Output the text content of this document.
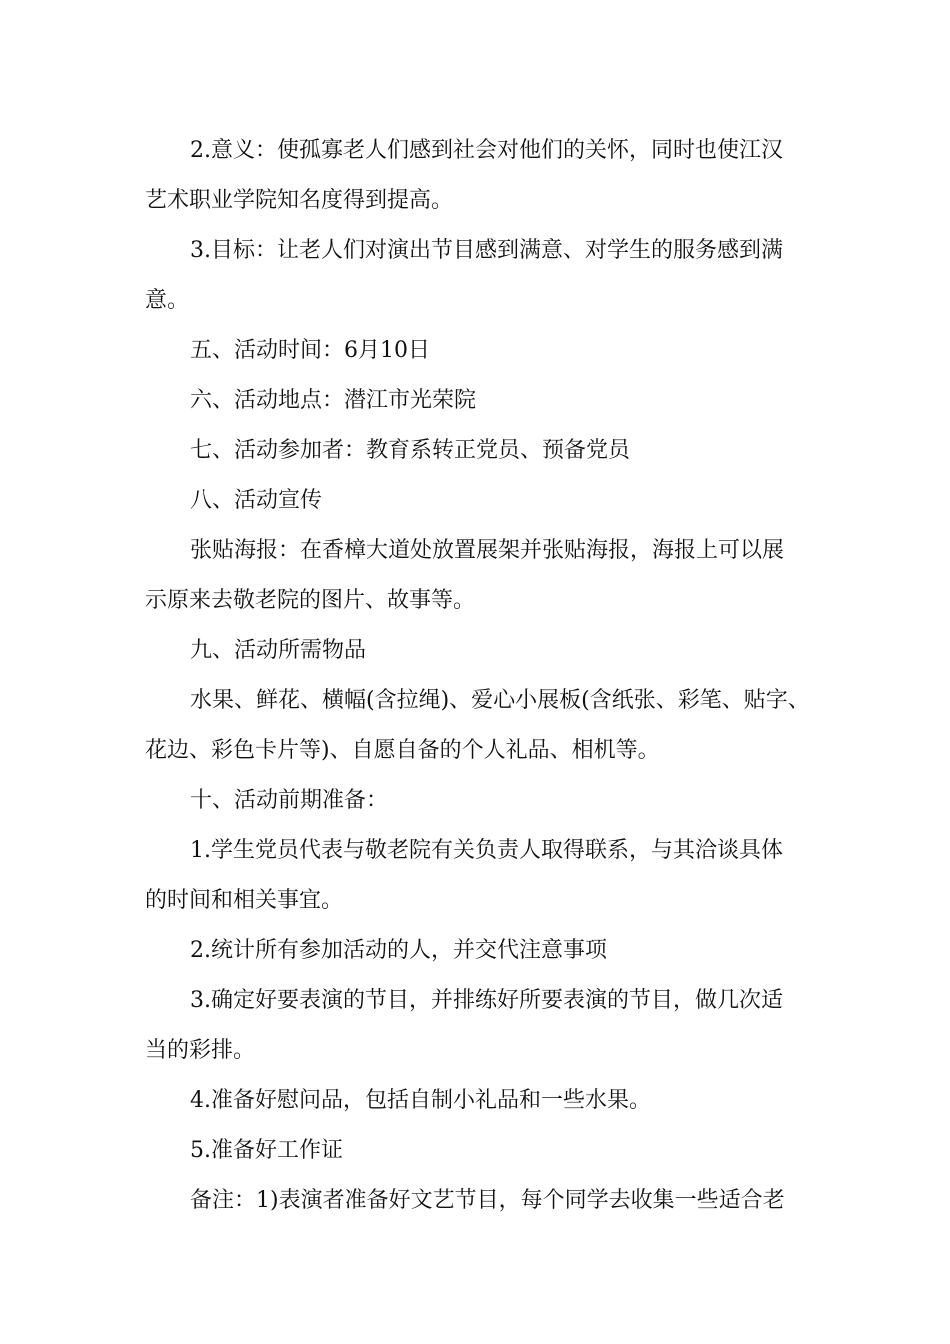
2.意义：使孤寡老人们感到社会对他们的关怀，同时也使江汉
艺术职业学院知名度得到提高。
3.目标：让老人们对演出节目感到满意、对学生的服务感到满
意。
五、活动时间：6月10日
六、活动地点：潜江市光荣院
七、活动参加者：教育系转正党员、预备党员
八、活动宣传
张贴海报：在香樟大道处放置展架并张贴海报，海报上可以展
示原来去敬老院的图片、故事等。
九、活动所需物品
水果、鲜花、横幅(含拉绳)、爱心小展板(含纸张、彩笔、贴字、
花边、彩色卡片等)、自愿自备的个人礼品、相机等。
十、活动前期准备：
1.学生党员代表与敬老院有关负责人取得联系，与其洽谈具体
的时间和相关事宜。
2.统计所有参加活动的人，并交代注意事项
3.确定好要表演的节目，并排练好所要表演的节目，做几次适
当的彩排。
4.准备好慰问品，包括自制小礼品和一些水果。
5.准备好工作证
备注：1)表演者准备好文艺节目，每个同学去收集一些适合老
